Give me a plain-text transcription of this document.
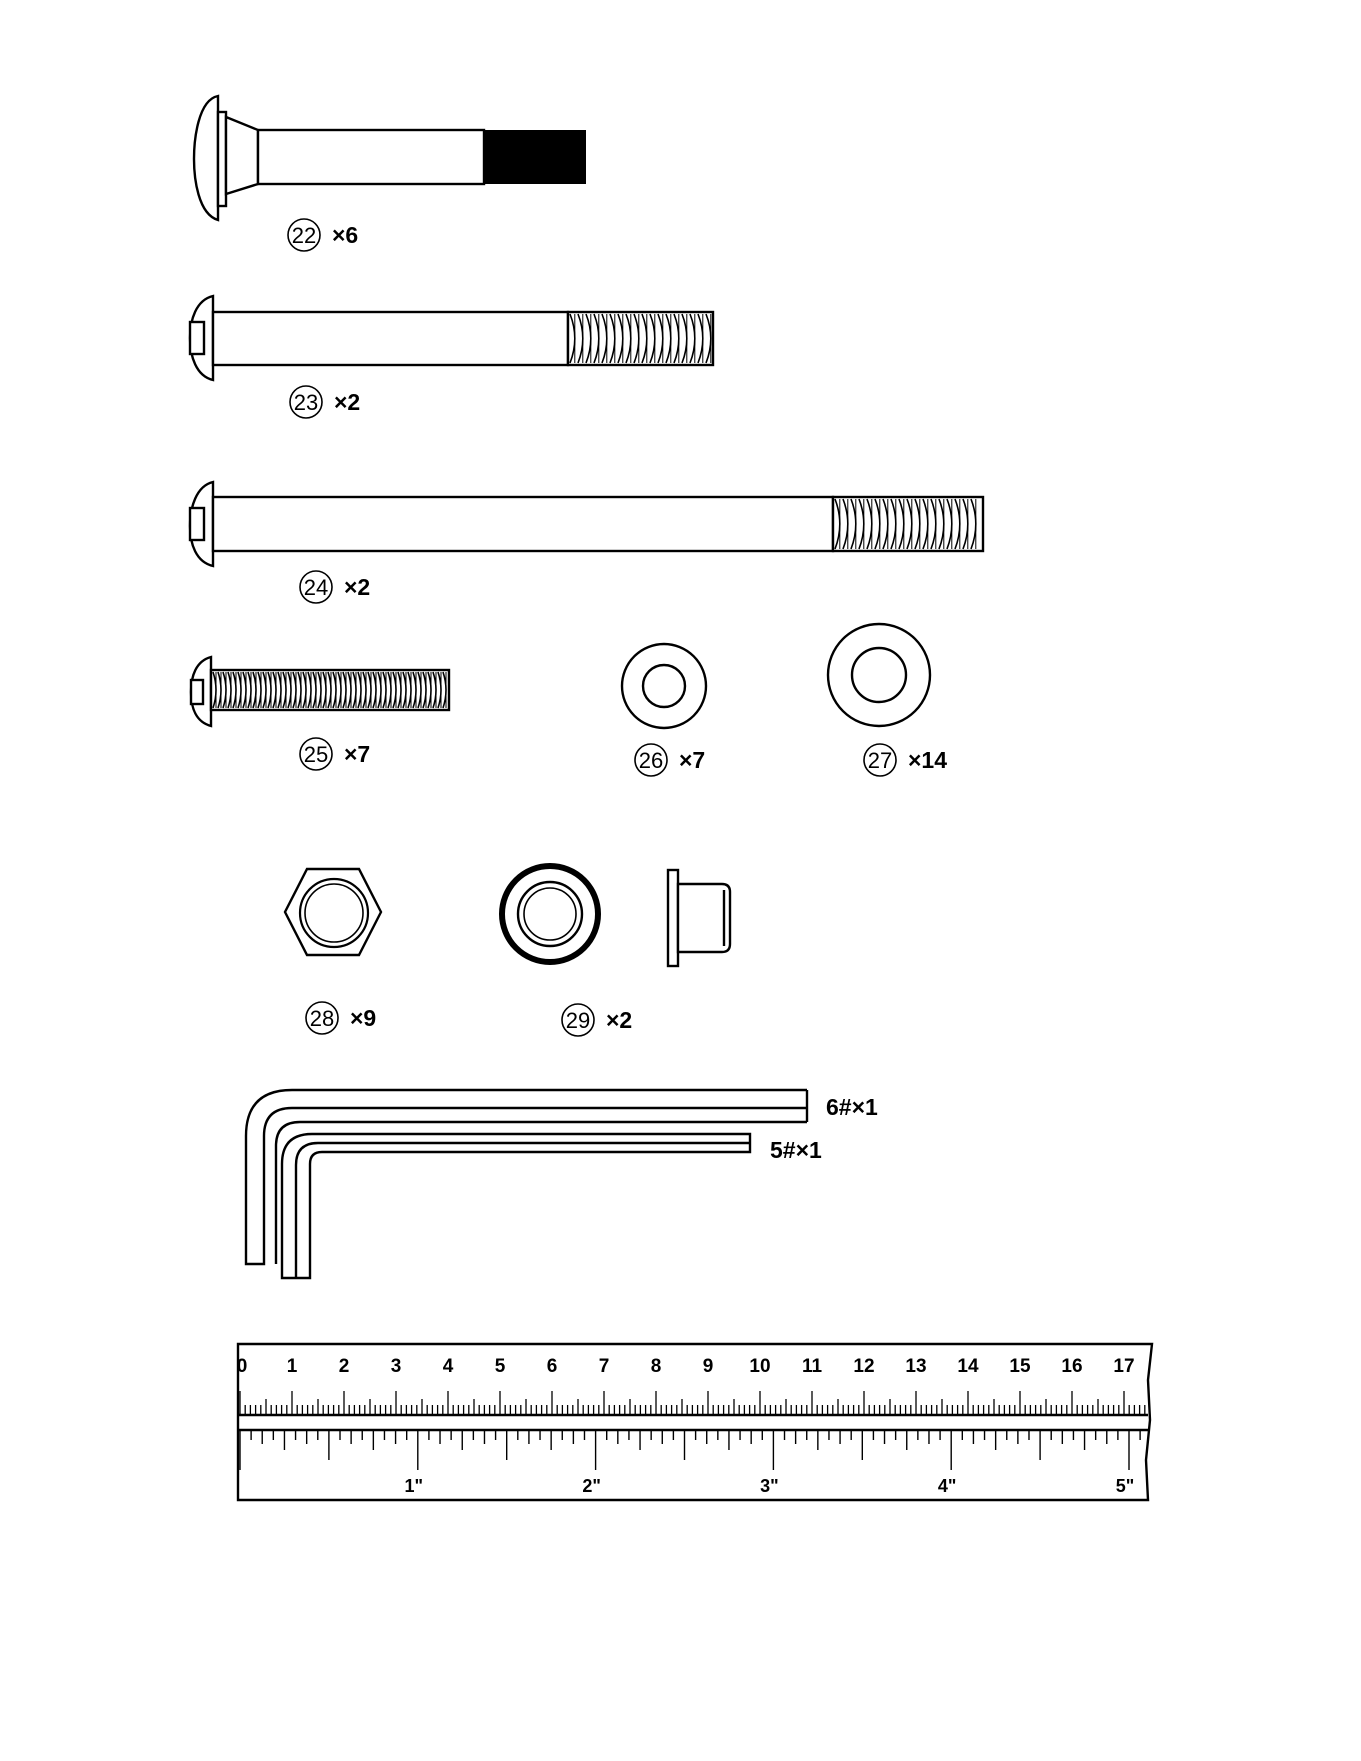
22 ×6
23 ×2
24 ×2
25 ×7	26 ×7	27 ×14
28 ×9	29 ×2
6#×1
5#×1
0 1 2 3 4 5 6 7 8 9 10 11 12 13 14 15 16 17
1"	2"	3"	4"	5"
